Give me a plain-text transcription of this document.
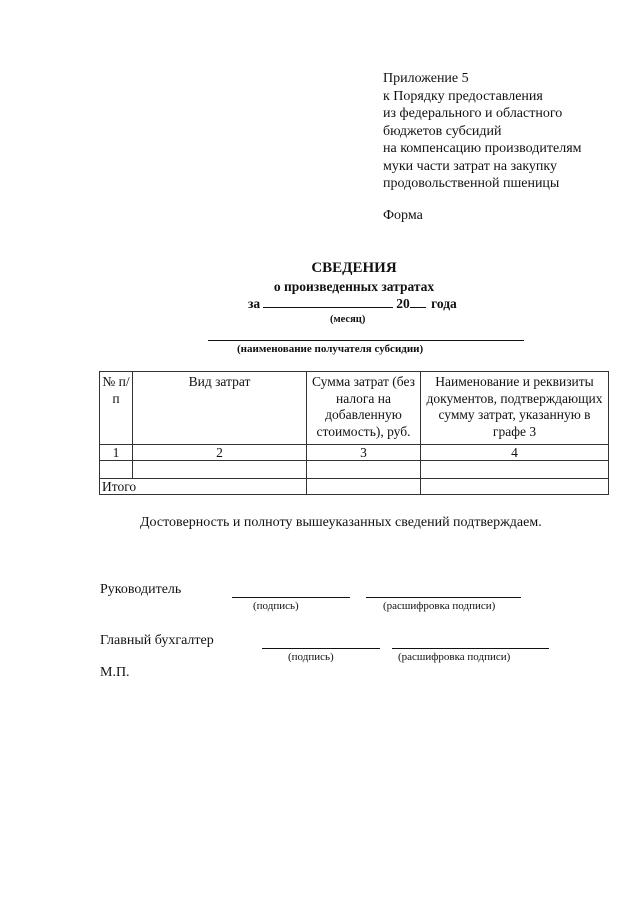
Приложение 5
к Порядку предоставления
из федерального и областного
бюджетов субсидий
на компенсацию производителям
муки части затрат на закупку
продовольственной пшеницы
Форма
СВЕДЕНИЯ
о произведенных затратах
за	20 года
(месяц)
(наименование получателя субсидии)
№ п/п	Вид затрат	Сумма затрат (без налога на добавленную стоимость), руб.	Наименование и реквизиты документов, подтверждающих сумму затрат, указанную в графе 3
1	2	3	4

Итого			
Достоверность и полноту вышеуказанных сведений подтверждаем.
Руководитель
(подпись)	(расшифровка подписи)
Главный бухгалтер
(подпись)	(расшифровка подписи)
М.П.
